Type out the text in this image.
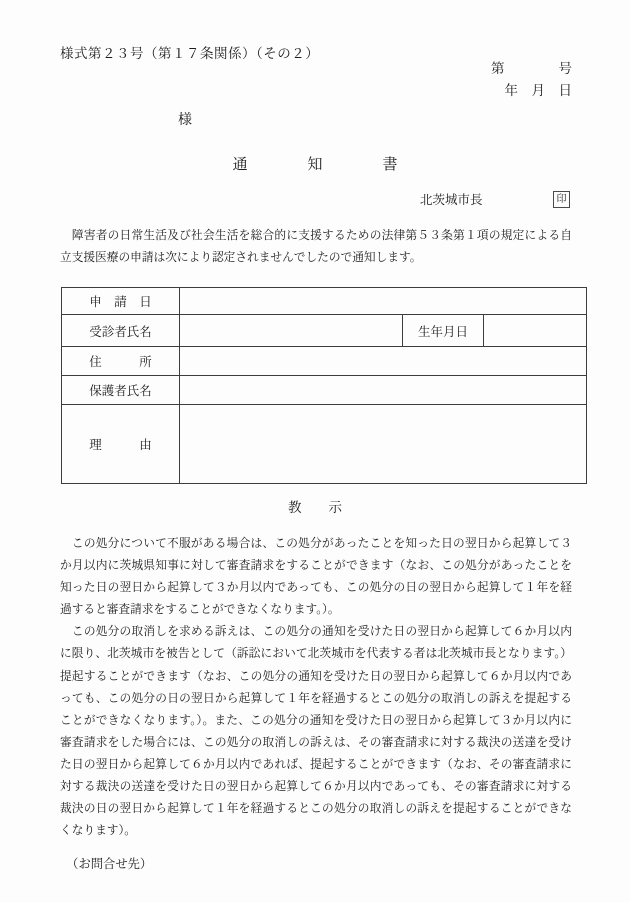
様式第２３号（第１７条関係）（その２）
第　　　　号
年　月　日
様
通　　　　知　　　　書
北茨城市長	印

　障害者の日常生活及び社会生活を総合的に支援するための法律第５３条第１項の規定による自立支援医療の申請は次により認定されませんでしたので通知します。

申　請　日			
受診者氏名		生年月日	
住　　　所			
保護者氏名			
理　　　由			
教　　示

　この処分について不服がある場合は、この処分があったことを知った日の翌日から起算して３か月以内に茨城県知事に対して審査請求をすることができます（なお、この処分があったことを知った日の翌日から起算して３か月以内であっても、この処分の日の翌日から起算して１年を経過すると審査請求をすることができなくなります。）。

　この処分の取消しを求める訴えは、この処分の通知を受けた日の翌日から起算して６か月以内に限り、北茨城市を被告として（訴訟において北茨城市を代表する者は北茨城市長となります。）提起することができます（なお、この処分の通知を受けた日の翌日から起算して６か月以内であっても、この処分の日の翌日から起算して１年を経過するとこの処分の取消しの訴えを提起することができなくなります。）。また、この処分の通知を受けた日の翌日から起算して３か月以内に審査請求をした場合には、この処分の取消しの訴えは、その審査請求に対する裁決の送達を受けた日の翌日から起算して６か月以内であれば、提起することができます（なお、その審査請求に対する裁決の送達を受けた日の翌日から起算して６か月以内であっても、その審査請求に対する裁決の日の翌日から起算して１年を経過するとこの処分の取消しの訴えを提起することができなくなります）。

　（お問合せ先）
